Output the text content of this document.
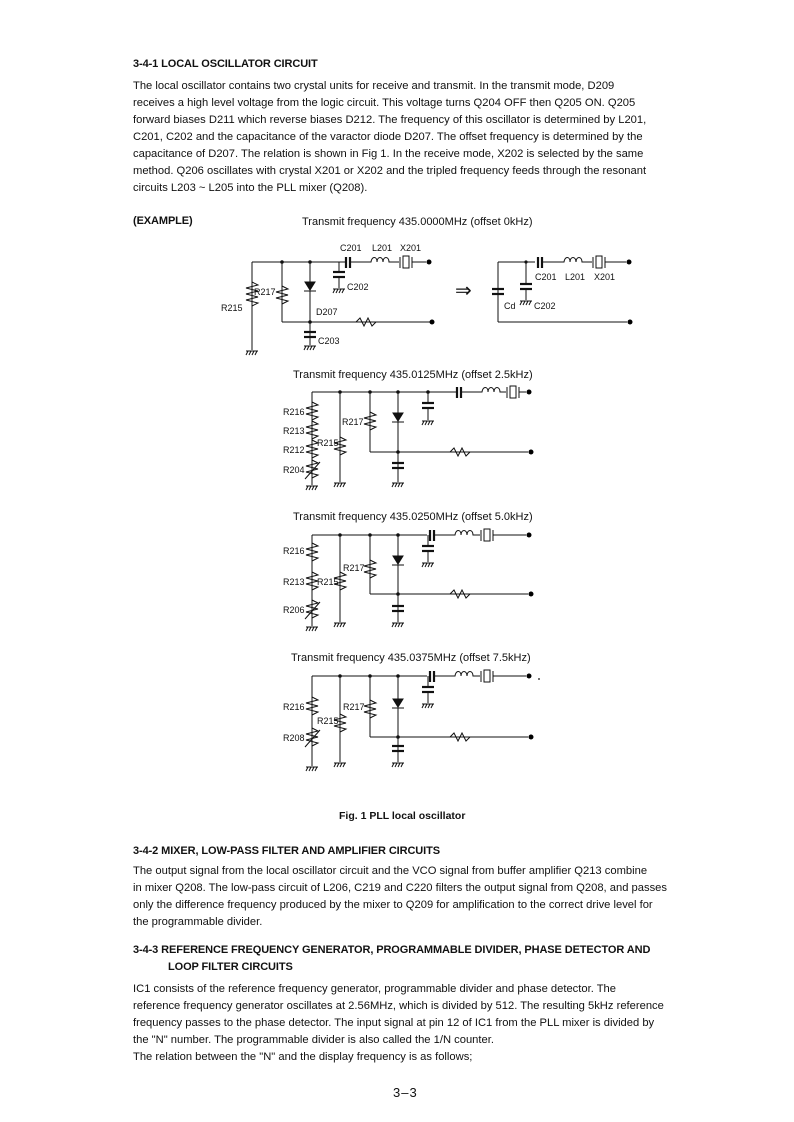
3-4-1 LOCAL OSCILLATOR CIRCUIT
The local oscillator contains two crystal units for receive and transmit. In the transmit mode, D209
receives a high level voltage from the logic circuit. This voltage turns Q204 OFF then Q205 ON. Q205
forward biases D211 which reverse biases D212. The frequency of this oscillator is determined by L201,
C201, C202 and the capacitance of the varactor diode D207. The offset frequency is determined by the
capacitance of D207. The relation is shown in Fig 1. In the receive mode, X202 is selected by the same
method. Q206 oscillates with crystal X201 or X202 and the tripled frequency feeds through the resonant
circuits L203 ~ L205 into the PLL mixer (Q208).
(EXAMPLE)	Transmit frequency 435.0000MHz (offset 0kHz)
Transmit frequency 435.0125MHz (offset 2.5kHz)
Transmit frequency 435.0250MHz (offset 5.0kHz)
Transmit frequency 435.0375MHz (offset 7.5kHz)
C201 L201 X201
R217
R215
C202
D207
C203
⇒
C201 L201 X201
Cd C202
R216
R213
R212
R204
R217
R215
R216
R213 R215
R206
R217
R216
R215
R208
R217
Fig. 1 PLL local oscillator
3-4-2 MIXER, LOW-PASS FILTER AND AMPLIFIER CIRCUITS
The output signal from the local oscillator circuit and the VCO signal from buffer amplifier Q213 combine
in mixer Q208. The low-pass circuit of L206, C219 and C220 filters the output signal from Q208, and passes
only the difference frequency produced by the mixer to Q209 for amplification to the correct drive level for
the programmable divider.
3-4-3 REFERENCE FREQUENCY GENERATOR, PROGRAMMABLE DIVIDER, PHASE DETECTOR AND
LOOP FILTER CIRCUITS
IC1 consists of the reference frequency generator, programmable divider and phase detector. The
reference frequency generator oscillates at 2.56MHz, which is divided by 512. The resulting 5kHz reference
frequency passes to the phase detector. The input signal at pin 12 of IC1 from the PLL mixer is divided by
the "N" number. The programmable divider is also called the 1/N counter.
The relation between the "N" and the display frequency is as follows;
3–3
